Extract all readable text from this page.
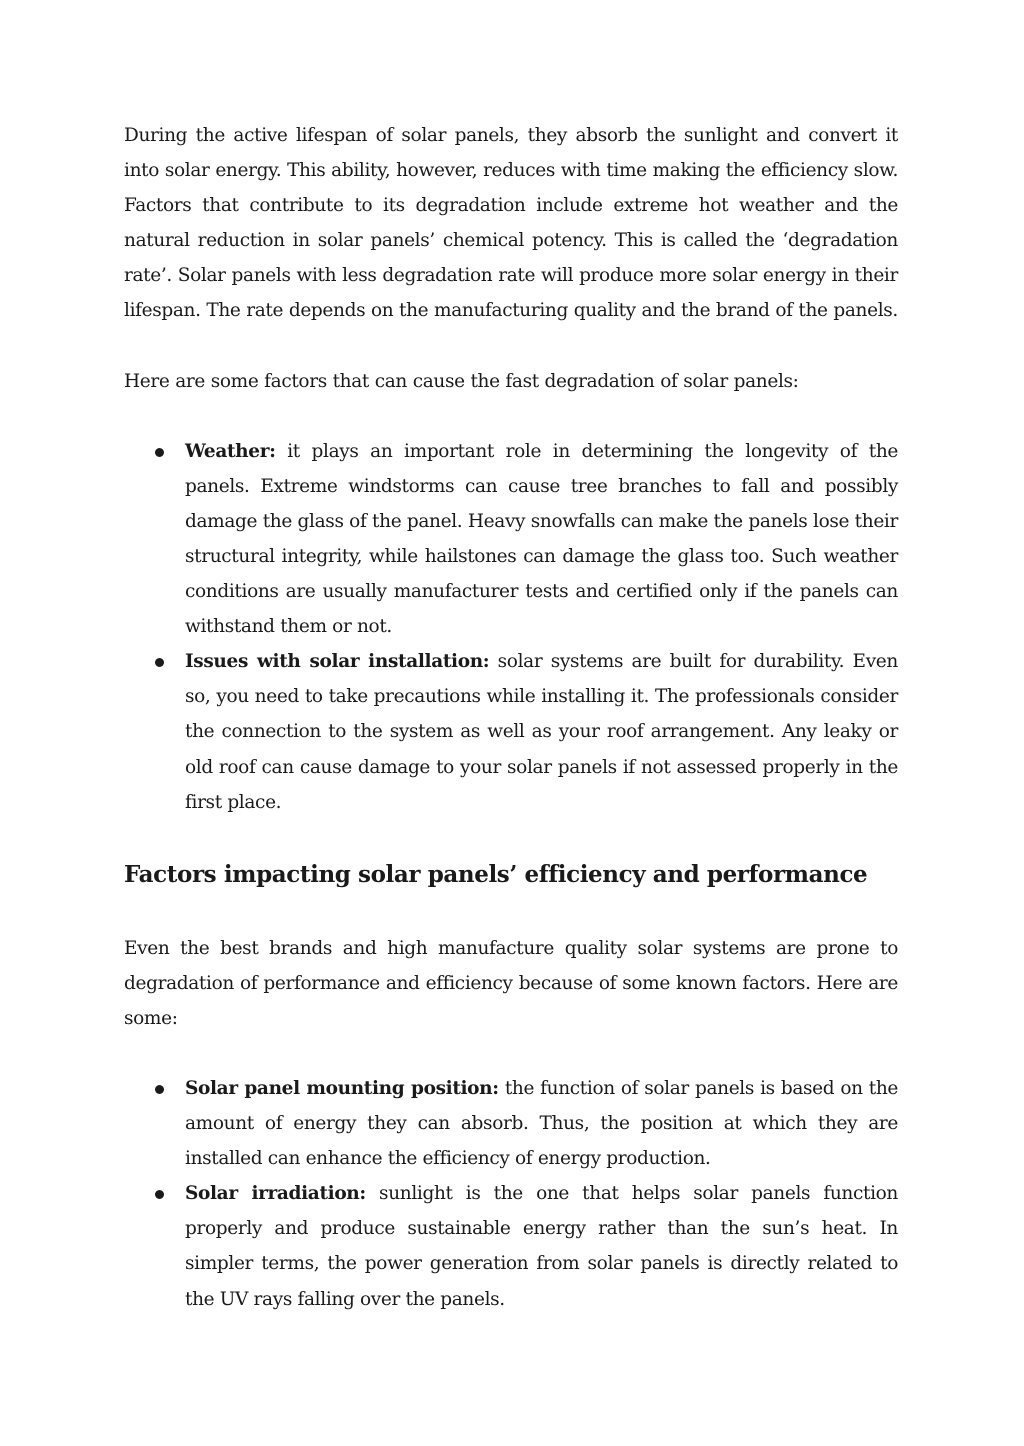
During the active lifespan of solar panels, they absorb the sunlight and convert it into solar energy. This ability, however, reduces with time making the efficiency slow. Factors that contribute to its degradation include extreme hot weather and the natural reduction in solar panels’ chemical potency. This is called the ‘degradation rate’. Solar panels with less degradation rate will produce more solar energy in their lifespan. The rate depends on the manufacturing quality and the brand of the panels.

Here are some factors that can cause the fast degradation of solar panels:

Weather: it plays an important role in determining the longevity of the panels. Extreme windstorms can cause tree branches to fall and possibly damage the glass of the panel. Heavy snowfalls can make the panels lose their structural integrity, while hailstones can damage the glass too. Such weather conditions are usually manufacturer tests and certified only if the panels can withstand them or not.
Issues with solar installation: solar systems are built for durability. Even so, you need to take precautions while installing it. The professionals consider the connection to the system as well as your roof arrangement. Any leaky or old roof can cause damage to your solar panels if not assessed properly in the first place.
Factors impacting solar panels’ efficiency and performance

Even the best brands and high manufacture quality solar systems are prone to degradation of performance and efficiency because of some known factors. Here are some:

Solar panel mounting position: the function of solar panels is based on the amount of energy they can absorb. Thus, the position at which they are installed can enhance the efficiency of energy production.
Solar irradiation: sunlight is the one that helps solar panels function properly and produce sustainable energy rather than the sun’s heat. In simpler terms, the power generation from solar panels is directly related to the UV rays falling over the panels.
